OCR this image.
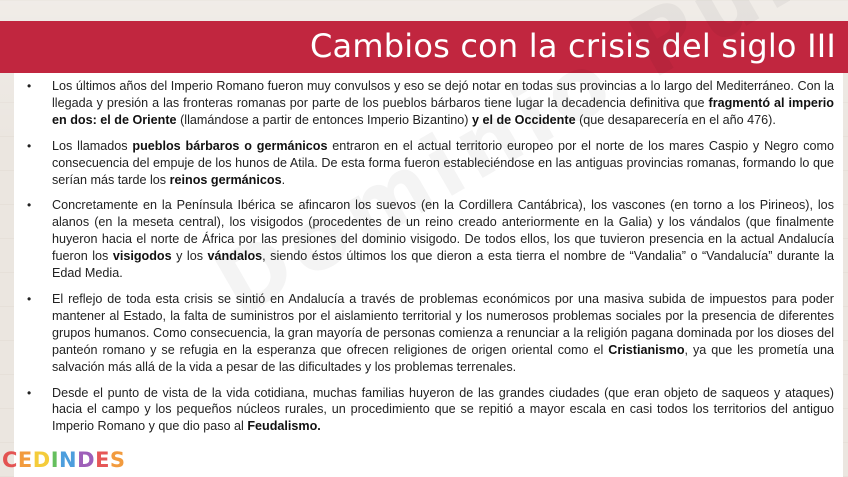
Cambios con la crisis del siglo III
• Los últimos años del Imperio Romano fueron muy convulsos y eso se dejó notar en todas sus provincias a lo largo del Mediterráneo. Con la llegada y presión a las fronteras romanas por parte de los pueblos bárbaros tiene lugar la decadencia definitiva que fragmentó al imperio en dos: el de Oriente (llamándose a partir de entonces Imperio Bizantino) y el de Occidente (que desaparecería en el año 476).
• Los llamados pueblos bárbaros o germánicos entraron en el actual territorio europeo por el norte de los mares Caspio y Negro como consecuencia del empuje de los hunos de Atila. De esta forma fueron estableciéndose en las antiguas provincias romanas, formando lo que serían más tarde los reinos germánicos.
• Concretamente en la Península Ibérica se afincaron los suevos (en la Cordillera Cantábrica), los vascones (en torno a los Pirineos), los alanos (en la meseta central), los visigodos (procedentes de un reino creado anteriormente en la Galia) y los vándalos (que finalmente huyeron hacia el norte de África por las presiones del dominio visigodo. De todos ellos, los que tuvieron presencia en la actual Andalucía fueron los visigodos y los vándalos, siendo éstos últimos los que dieron a esta tierra el nombre de “Vandalia” o “Vandalucía” durante la Edad Media.
• El reflejo de toda esta crisis se sintió en Andalucía a través de problemas económicos por una masiva subida de impuestos para poder mantener al Estado, la falta de suministros por el aislamiento territorial y los numerosos problemas sociales por la presencia de diferentes grupos humanos. Como consecuencia, la gran mayoría de personas comienza a renunciar a la religión pagana dominada por los dioses del panteón romano y se refugia en la esperanza que ofrecen religiones de origen oriental como el Cristianismo, ya que les prometía una salvación más allá de la vida a pesar de las dificultades y los problemas terrenales.
• Desde el punto de vista de la vida cotidiana, muchas familias huyeron de las grandes ciudades (que eran objeto de saqueos y ataques) hacia el campo y los pequeños núcleos rurales, un procedimiento que se repitió a mayor escala en casi todos los territorios del antiguo Imperio Romano y que dio paso al Feudalismo.
CEDINDES
